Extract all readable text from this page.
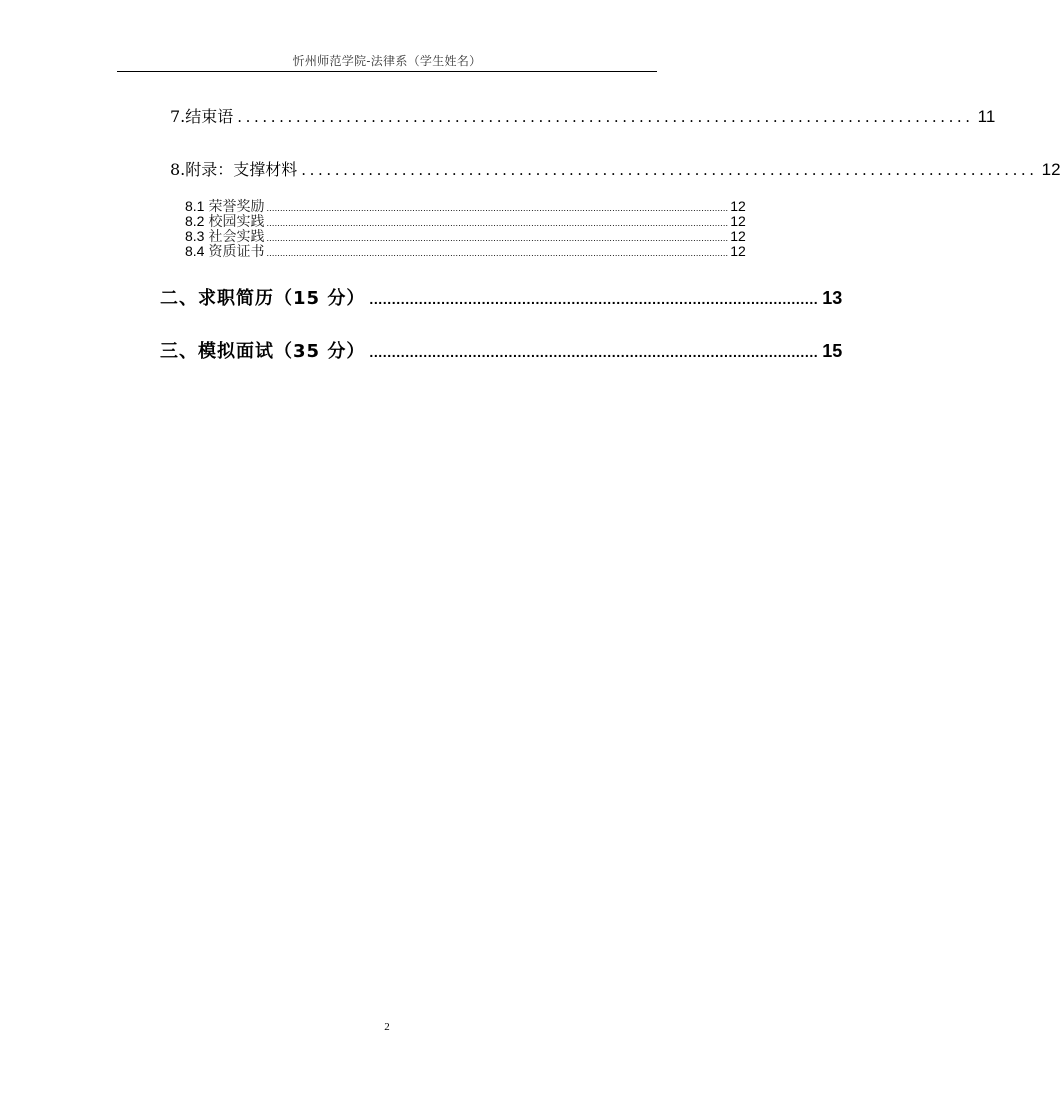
忻州师范学院-法律系（学生姓名）
7.结束语 ........................................................................................ 11
8.附录：支撑材料 ........................................................................................ 12
8.1 荣誉奖励 ........................................................................................................................................................................... 12
8.2 校园实践 ........................................................................................................................................................................... 12
8.3 社会实践 ........................................................................................................................................................................... 12
8.4 资质证书 ........................................................................................................................................................................... 12
二、求职简历（15 分） .................................................................................................... 13
三、模拟面试（35 分） .................................................................................................... 15
2
